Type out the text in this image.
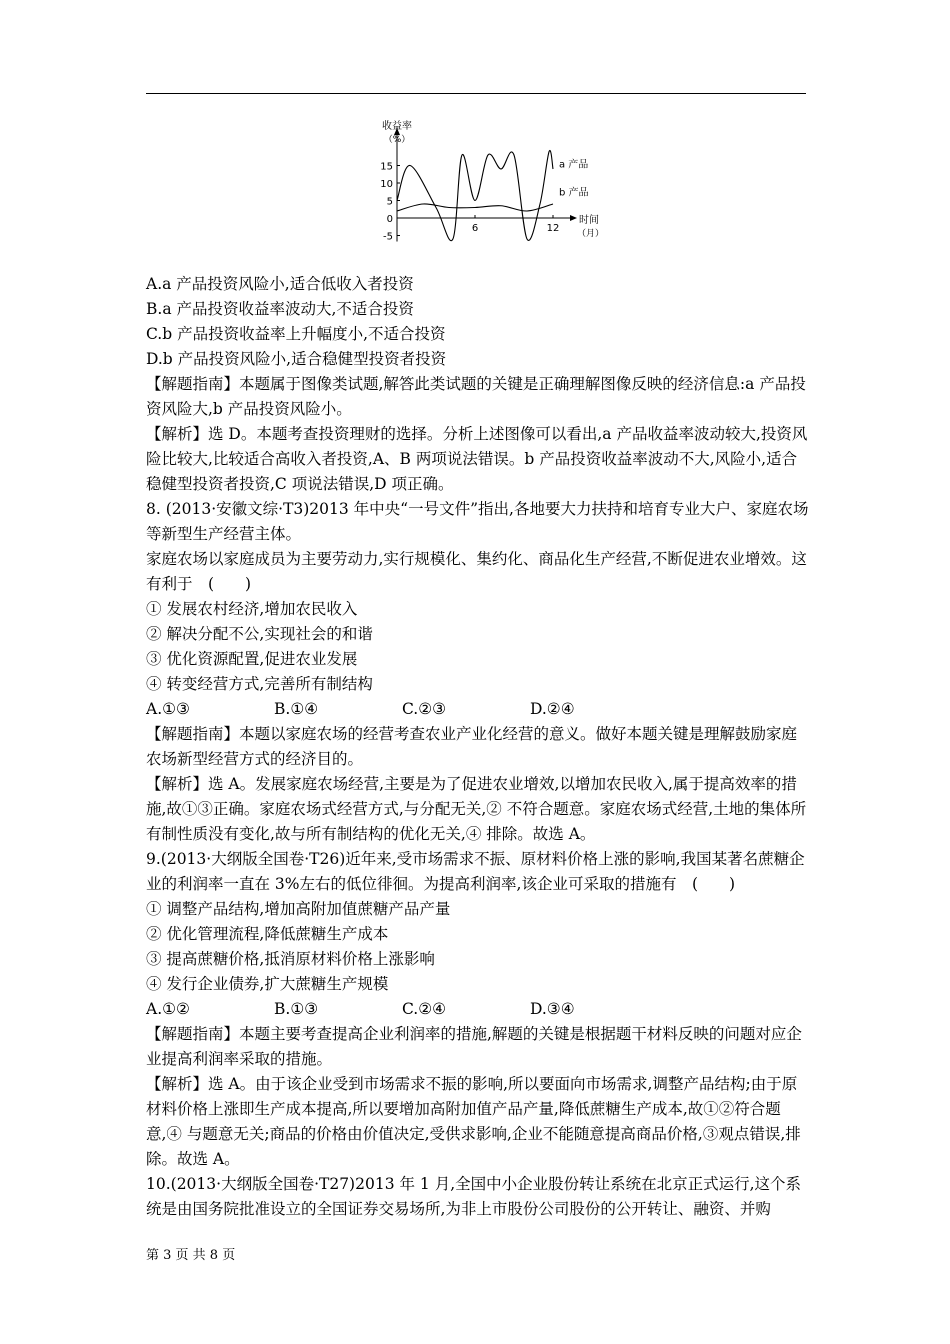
15
10
5
0
-5
6	12
收益率
（%）
时间
（月）
a 产品
b 产品

A.a 产品投资风险小,适合低收入者投资

B.a 产品投资收益率波动大,不适合投资

C.b 产品投资收益率上升幅度小,不适合投资

D.b 产品投资风险小,适合稳健型投资者投资

【解题指南】本题属于图像类试题,解答此类试题的关键是正确理解图像反映的经济信息:a 产品投资风险大,b 产品投资风险小。

【解析】选 D。本题考查投资理财的选择。分析上述图像可以看出,a 产品收益率波动较大,投资风险比较大,比较适合高收入者投资,A、B 两项说法错误。b 产品投资收益率波动不大,风险小,适合稳健型投资者投资,C 项说法错误,D 项正确。

8. (2013·安徽文综·T3)2013 年中央“一号文件”指出,各地要大力扶持和培育专业大户、家庭农场等新型生产经营主体。

家庭农场以家庭成员为主要劳动力,实行规模化、集约化、商品化生产经营,不断促进农业增效。这有利于　(　　)

① 发展农村经济,增加农民收入

② 解决分配不公,实现社会的和谐

③ 优化资源配置,促进农业发展

④ 转变经营方式,完善所有制结构

A.①③	B.①④	C.②③	D.②④

【解题指南】本题以家庭农场的经营考查农业产业化经营的意义。做好本题关键是理解鼓励家庭农场新型经营方式的经济目的。

【解析】选 A。发展家庭农场经营,主要是为了促进农业增效,以增加农民收入,属于提高效率的措施,故①③正确。家庭农场式经营方式,与分配无关,② 不符合题意。家庭农场式经营,土地的集体所有制性质没有变化,故与所有制结构的优化无关,④ 排除。故选 A。

9.(2013·大纲版全国卷·T26)近年来,受市场需求不振、原材料价格上涨的影响,我国某著名蔗糖企业的利润率一直在 3%左右的低位徘徊。为提高利润率,该企业可采取的措施有　(　　)

① 调整产品结构,增加高附加值蔗糖产品产量

② 优化管理流程,降低蔗糖生产成本

③ 提高蔗糖价格,抵消原材料价格上涨影响

④ 发行企业债券,扩大蔗糖生产规模

A.①②	B.①③	C.②④	D.③④

【解题指南】本题主要考查提高企业利润率的措施,解题的关键是根据题干材料反映的问题对应企业提高利润率采取的措施。

【解析】选 A。由于该企业受到市场需求不振的影响,所以要面向市场需求,调整产品结构;由于原材料价格上涨即生产成本提高,所以要增加高附加值产品产量,降低蔗糖生产成本,故①②符合题意,④ 与题意无关;商品的价格由价值决定,受供求影响,企业不能随意提高商品价格,③观点错误,排除。故选 A。

10.(2013·大纲版全国卷·T27)2013 年 1 月,全国中小企业股份转让系统在北京正式运行,这个系统是由国务院批准设立的全国证券交易场所,为非上市股份公司股份的公开转让、融资、并购

第 3 页 共 8 页
